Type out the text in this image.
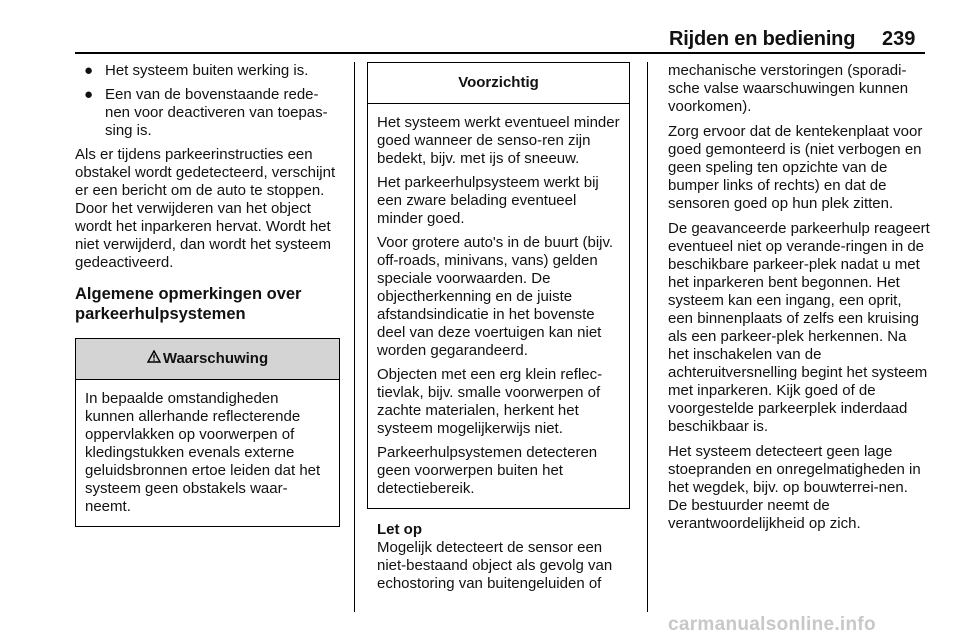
Rijden en bediening 239
● Het systeem buiten werking is.
● Een van de bovenstaande rede-nen voor deactiveren van toepas-sing is.

Als er tijdens parkeerinstructies een obstakel wordt gedetecteerd, verschijnt er een bericht om de auto te stoppen. Door het verwijderen van het object wordt het inparkeren hervat. Wordt het niet verwijderd, dan wordt het systeem gedeactiveerd.

Algemene opmerkingen over parkeerhulpsystemen
Waarschuwing

In bepaalde omstandigheden kunnen allerhande reflecterende oppervlakken op voorwerpen of kledingstukken evenals externe geluidsbronnen ertoe leiden dat het systeem geen obstakels waar-neemt.

Voorzichtig

Het systeem werkt eventueel minder goed wanneer de senso-ren zijn bedekt, bijv. met ijs of sneeuw.

Het parkeerhulpsysteem werkt bij een zware belading eventueel minder goed.

Voor grotere auto's in de buurt (bijv. off-roads, minivans, vans) gelden speciale voorwaarden. De objectherkenning en de juiste afstandsindicatie in het bovenste deel van deze voertuigen kan niet worden gegarandeerd.

Objecten met een erg klein reflec-tievlak, bijv. smalle voorwerpen of zachte materialen, herkent het systeem mogelijkerwijs niet.

Parkeerhulpsystemen detecteren geen voorwerpen buiten het detectiebereik.

Let op
Mogelijk detecteert de sensor een niet-bestaand object als gevolg van echostoring van buitengeluiden of

mechanische verstoringen (sporadi-sche valse waarschuwingen kunnen voorkomen).

Zorg ervoor dat de kentekenplaat voor goed gemonteerd is (niet verbogen en geen speling ten opzichte van de bumper links of rechts) en dat de sensoren goed op hun plek zitten.

De geavanceerde parkeerhulp reageert eventueel niet op verande-ringen in de beschikbare parkeer-plek nadat u met het inparkeren bent begonnen. Het systeem kan een ingang, een oprit, een binnenplaats of zelfs een kruising als een parkeer-plek herkennen. Na het inschakelen van de achteruitversnelling begint het systeem met inparkeren. Kijk goed of de voorgestelde parkeerplek inderdaad beschikbaar is.

Het systeem detecteert geen lage stoepranden en onregelmatigheden in het wegdek, bijv. op bouwterrei-nen. De bestuurder neemt de verantwoordelijkheid op zich.

carmanualsonline.info
